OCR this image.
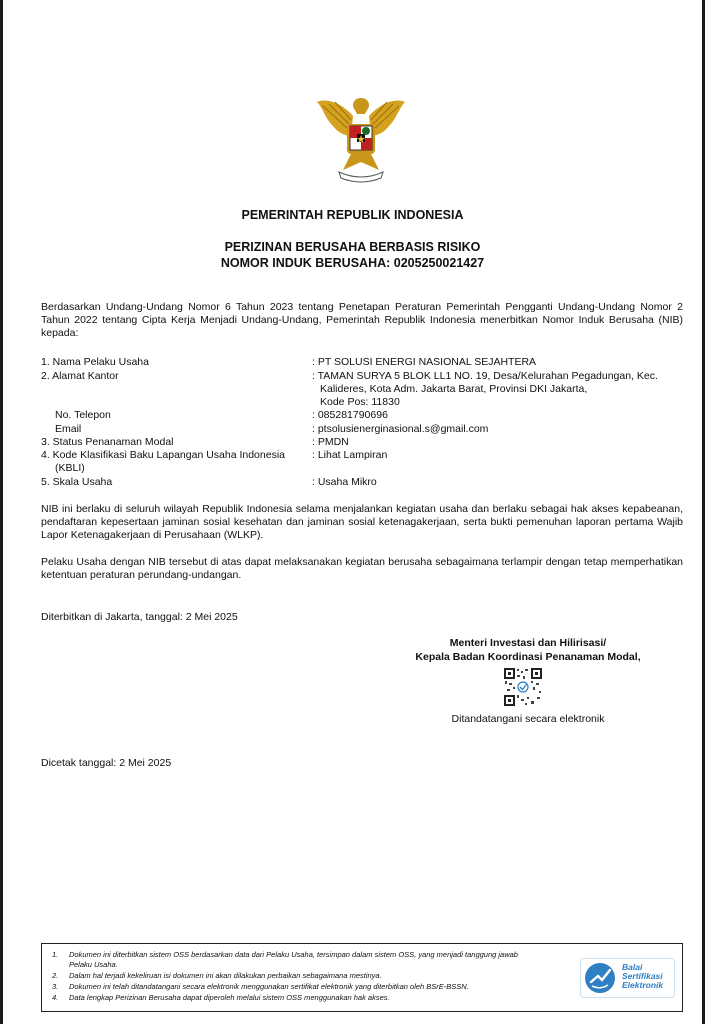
PEMERINTAH REPUBLIK INDONESIA
PERIZINAN BERUSAHA BERBASIS RISIKO
NOMOR INDUK BERUSAHA: 0205250021427
Berdasarkan Undang-Undang Nomor 6 Tahun 2023 tentang Penetapan Peraturan Pemerintah Pengganti Undang-Undang Nomor 2 Tahun 2022 tentang Cipta Kerja Menjadi Undang-Undang, Pemerintah Republik Indonesia menerbitkan Nomor Induk Berusaha (NIB) kepada:
1. Nama Pelaku Usaha	: PT SOLUSI ENERGI NASIONAL SEJAHTERA
2. Alamat Kantor	: TAMAN SURYA 5 BLOK LL1 NO. 19, Desa/Kelurahan Pegadungan, Kec.
Kalideres, Kota Adm. Jakarta Barat, Provinsi DKI Jakarta,
Kode Pos: 11830
No. Telepon	: 085281790696
Email	: ptsolusienerginasional.s@gmail.com
3. Status Penanaman Modal	: PMDN
4. Kode Klasifikasi Baku Lapangan Usaha Indonesia
(KBLI)
: Lihat Lampiran
5. Skala Usaha	: Usaha Mikro
NIB ini berlaku di seluruh wilayah Republik Indonesia selama menjalankan kegiatan usaha dan berlaku sebagai hak akses kepabeanan, pendaftaran kepesertaan jaminan sosial kesehatan dan jaminan sosial ketenagakerjaan, serta bukti pemenuhan laporan pertama Wajib Lapor Ketenagakerjaan di Perusahaan (WLKP).
Pelaku Usaha dengan NIB tersebut di atas dapat melaksanakan kegiatan berusaha sebagaimana terlampir dengan tetap memperhatikan ketentuan peraturan perundang-undangan.
Diterbitkan di Jakarta, tanggal: 2 Mei 2025
Menteri Investasi dan Hilirisasi/
Kepala Badan Koordinasi Penanaman Modal,
Ditandatangani secara elektronik
Dicetak tanggal: 2 Mei 2025
1. Dokumen ini diterbitkan sistem OSS berdasarkan data dari Pelaku Usaha, tersimpan dalam sistem OSS, yang menjadi tanggung jawab
Pelaku Usaha.
2. Dalam hal terjadi kekeliruan isi dokumen ini akan dilakukan perbaikan sebagaimana mestinya.
3. Dokumen ini telah ditandatangani secara elektronik menggunakan sertifikat elektronik yang diterbitkan oleh BSrE-BSSN.
4. Data lengkap Perizinan Berusaha dapat diperoleh melalui sistem OSS menggunakan hak akses.
Balai
Sertifikasi
Elektronik
